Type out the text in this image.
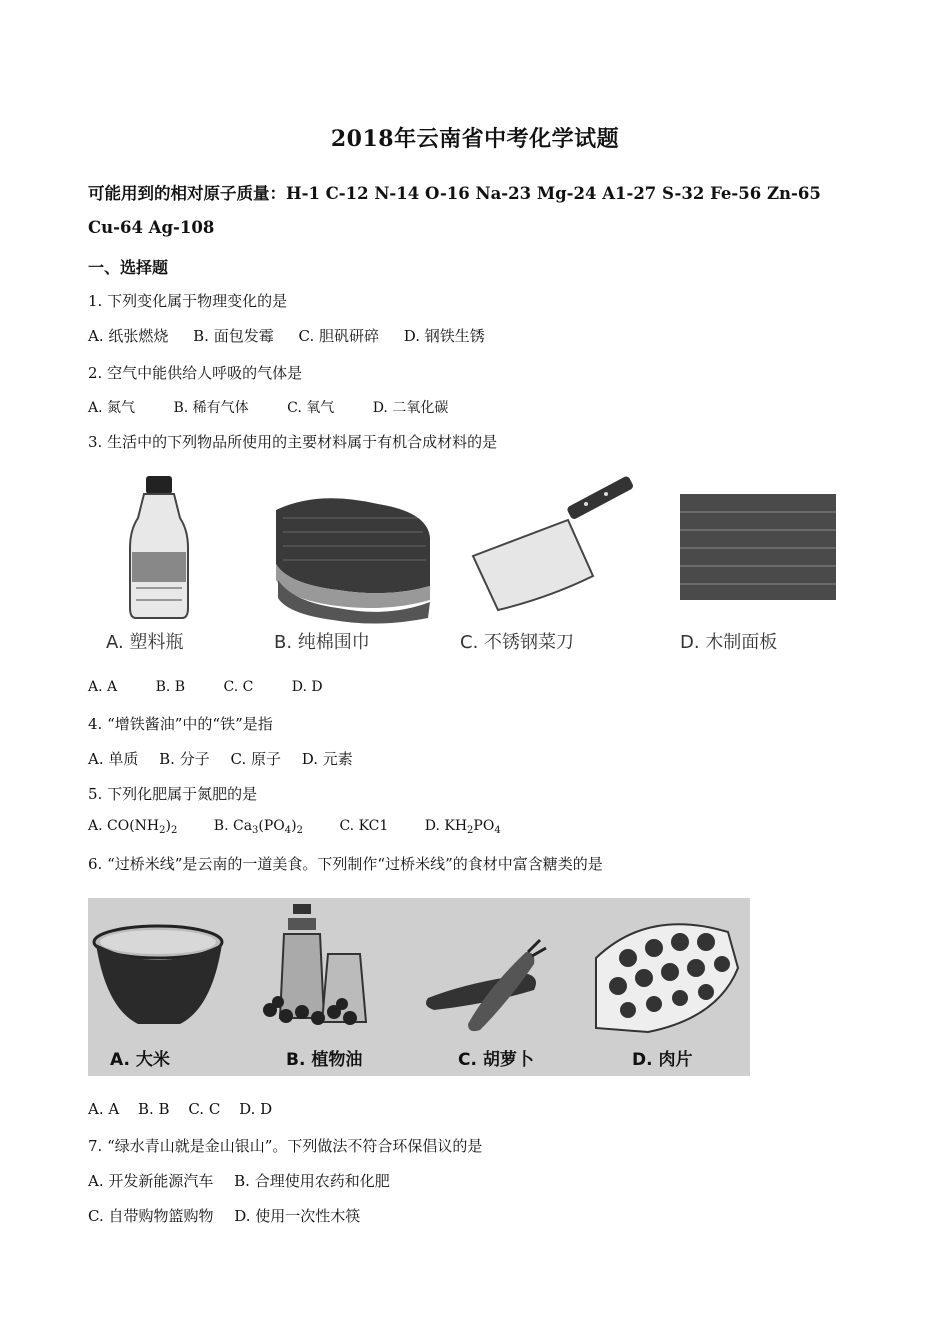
2018年云南省中考化学试题
可能用到的相对原子质量：H-1 C-12 N-14 O-16 Na-23 Mg-24 A1-27 S-32 Fe-56 Zn-65
Cu-64 Ag-108
一、选择题
1. 下列变化属于物理变化的是
A. 纸张燃烧 B. 面包发霉 C. 胆矾研碎 D. 钢铁生锈
2. 空气中能供给人呼吸的气体是
A. 氮气	B. 稀有气体	C. 氧气	D. 二氧化碳
3. 生活中的下列物品所使用的主要材料属于有机合成材料的是
A. 塑料瓶	B. 纯棉围巾	C. 不锈钢菜刀	D. 木制面板
A. A	B. B	C. C	D. D
4. “增铁酱油”中的“铁”是指
A. 单质 B. 分子 C. 原子 D. 元素
5. 下列化肥属于氮肥的是
A. $CO(NH_2)_2$	B. $Ca_3(PO_4)_2$	C. KC1	D. $KH_2PO_4$
6. “过桥米线”是云南的一道美食。下列制作“过桥米线”的食材中富含糖类的是
A. 大米	B. 植物油	C. 胡萝卜	D. 肉片
A. A B. B C. C D. D
7. “绿水青山就是金山银山”。下列做法不符合环保倡议的是
A. 开发新能源汽车 B. 合理使用农药和化肥
C. 自带购物篮购物 D. 使用一次性木筷
